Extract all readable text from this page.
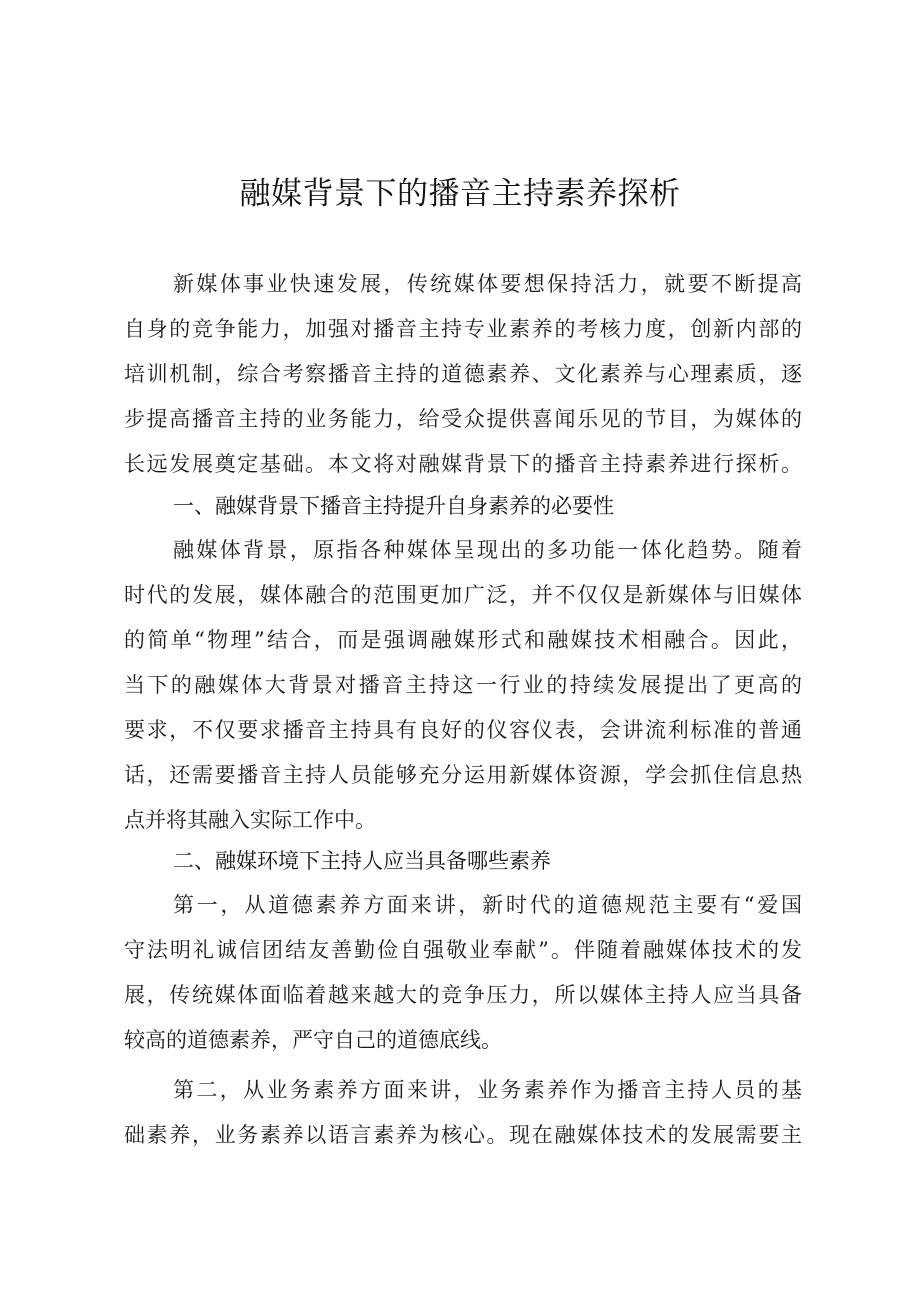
融媒背景下的播音主持素养探析
新媒体事业快速发展，传统媒体要想保持活力，就要不断提高
自身的竞争能力，加强对播音主持专业素养的考核力度，创新内部的
培训机制，综合考察播音主持的道德素养、文化素养与心理素质，逐
步提高播音主持的业务能力，给受众提供喜闻乐见的节目，为媒体的
长远发展奠定基础。本文将对融媒背景下的播音主持素养进行探析。
一、融媒背景下播音主持提升自身素养的必要性
融媒体背景，原指各种媒体呈现出的多功能一体化趋势。随着
时代的发展，媒体融合的范围更加广泛，并不仅仅是新媒体与旧媒体
的简单“物理”结合，而是强调融媒形式和融媒技术相融合。因此，
当下的融媒体大背景对播音主持这一行业的持续发展提出了更高的
要求，不仅要求播音主持具有良好的仪容仪表，会讲流利标准的普通
话，还需要播音主持人员能够充分运用新媒体资源，学会抓住信息热
点并将其融入实际工作中。
二、融媒环境下主持人应当具备哪些素养
第一，从道德素养方面来讲，新时代的道德规范主要有“爱国
守法明礼诚信团结友善勤俭自强敬业奉献”。伴随着融媒体技术的发
展，传统媒体面临着越来越大的竞争压力，所以媒体主持人应当具备
较高的道德素养，严守自己的道德底线。
第二，从业务素养方面来讲，业务素养作为播音主持人员的基
础素养，业务素养以语言素养为核心。现在融媒体技术的发展需要主
